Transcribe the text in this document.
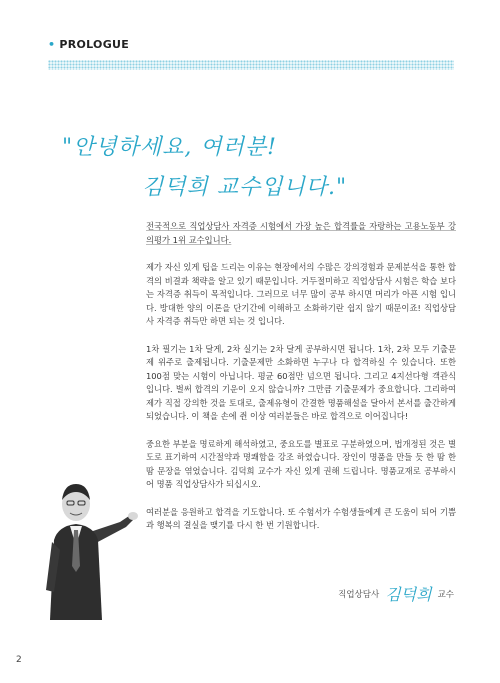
• PROLOGUE
"안녕하세요, 여러분!
김덕희 교수입니다."

전국적으로 직업상담사 자격증 시험에서 가장 높은 합격률을 자랑하는 고용노동부 강의평가 1위 교수입니다.

제가 자신 있게 팁을 드리는 이유는 현장에서의 수많은 강의경험과 문제분석을 통한 합격의 비결과 책략을 알고 있기 때문입니다. 거두절미하고 직업상담사 시험은 학습 보다는 자격증 취득이 목적입니다. 그러므로 너무 많이 공부 하시면 머리가 아픈 시험 입니다. 방대한 양의 이론을 단기간에 이해하고 소화하기란 쉽지 않기 때문이죠! 직업상담사 자격증 취득만 하면 되는 것 입니다.

1차 필기는 1차 달게, 2차 실기는 2차 달게 공부하시면 됩니다. 1차, 2차 모두 기출문제 위주로 출제됩니다. 기출문제만 소화하면 누구나 다 합격하실 수 있습니다. 또한 100점 맞는 시험이 아닙니다. 평균 60점만 넘으면 됩니다. 그리고 4지선다형 객관식입니다. 벌써 합격의 기운이 오지 않습니까? 그만큼 기출문제가 중요합니다. 그리하여 제가 직접 강의한 것을 토대로, 출제유형이 간결한 명품해설을 달아서 본서를 출간하게 되었습니다. 이 책을 손에 쥔 이상 여러분들은 바로 합격으로 이어집니다!

중요한 부분을 명료하게 해석하였고, 중요도를 별표로 구분하였으며, 법개정된 것은 별도로 표기하여 시간절약과 명쾌함을 강조 하였습니다. 장인이 명품을 만들 듯 한 땀 한 땀 문장을 엮었습니다. 김덕희 교수가 자신 있게 권해 드립니다. 명품교재로 공부하시어 명품 직업상담사가 되십시오.

여러분을 응원하고 합격을 기도합니다. 또 수험서가 수험생들에게 큰 도움이 되어 기쁨과 행복의 결실을 맺기를 다시 한 번 기원합니다.

직업상담사 김덕희 교수
2
